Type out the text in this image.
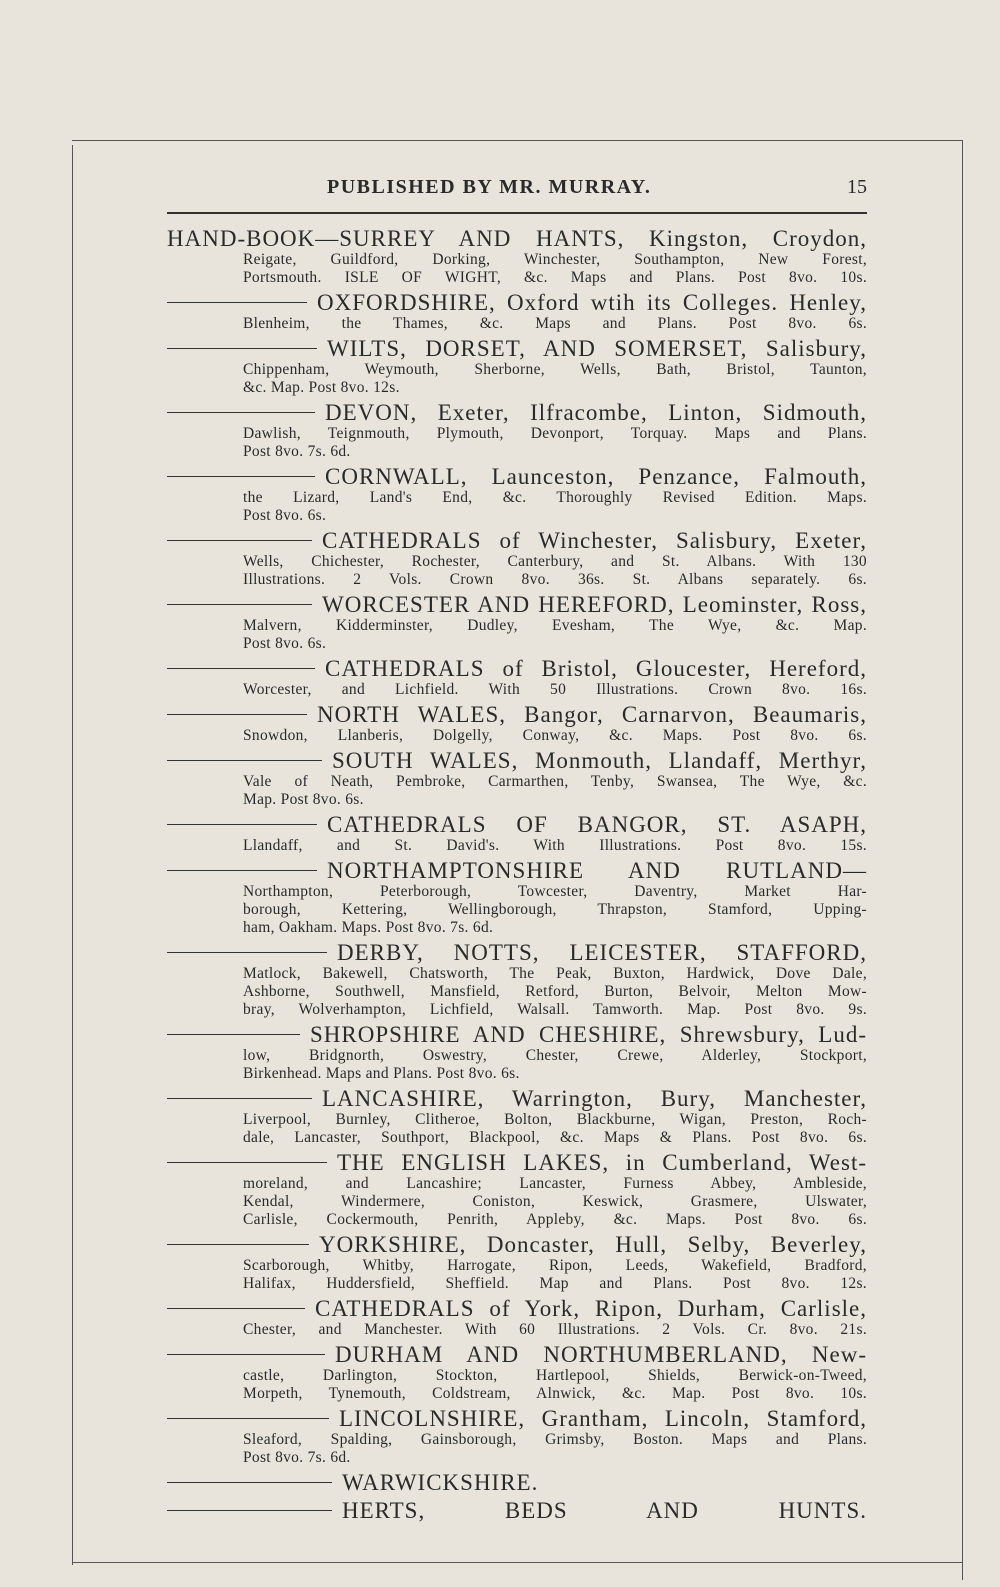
PUBLISHED BY MR. MURRAY.	15
HAND-BOOK—SURREY AND HANTS, Kingston, Croydon,
Reigate, Guildford, Dorking, Winchester, Southampton, New Forest,
Portsmouth. ISLE OF WIGHT, &c. Maps and Plans. Post 8vo. 10s.
OXFORDSHIRE, Oxford wtih its Colleges. Henley,
Blenheim, the Thames, &c. Maps and Plans. Post 8vo. 6s.
WILTS, DORSET, AND SOMERSET, Salisbury,
Chippenham, Weymouth, Sherborne, Wells, Bath, Bristol, Taunton,
&c. Map. Post 8vo. 12s.
DEVON, Exeter, Ilfracombe, Linton, Sidmouth,
Dawlish, Teignmouth, Plymouth, Devonport, Torquay. Maps and Plans.
Post 8vo. 7s. 6d.
CORNWALL, Launceston, Penzance, Falmouth,
the Lizard, Land's End, &c. Thoroughly Revised Edition. Maps.
Post 8vo. 6s.
CATHEDRALS of Winchester, Salisbury, Exeter,
Wells, Chichester, Rochester, Canterbury, and St. Albans. With 130
Illustrations. 2 Vols. Crown 8vo. 36s. St. Albans separately. 6s.
WORCESTER AND HEREFORD, Leominster, Ross,
Malvern, Kidderminster, Dudley, Evesham, The Wye, &c. Map.
Post 8vo. 6s.
CATHEDRALS of Bristol, Gloucester, Hereford,
Worcester, and Lichfield. With 50 Illustrations. Crown 8vo. 16s.
NORTH WALES, Bangor, Carnarvon, Beaumaris,
Snowdon, Llanberis, Dolgelly, Conway, &c. Maps. Post 8vo. 6s.
SOUTH WALES, Monmouth, Llandaff, Merthyr,
Vale of Neath, Pembroke, Carmarthen, Tenby, Swansea, The Wye, &c.
Map. Post 8vo. 6s.
CATHEDRALS OF BANGOR, ST. ASAPH,
Llandaff, and St. David's. With Illustrations. Post 8vo. 15s.
NORTHAMPTONSHIRE AND RUTLAND—
Northampton, Peterborough, Towcester, Daventry, Market Har-
borough, Kettering, Wellingborough, Thrapston, Stamford, Upping-
ham, Oakham. Maps. Post 8vo. 7s. 6d.
DERBY, NOTTS, LEICESTER, STAFFORD,
Matlock, Bakewell, Chatsworth, The Peak, Buxton, Hardwick, Dove Dale,
Ashborne, Southwell, Mansfield, Retford, Burton, Belvoir, Melton Mow-
bray, Wolverhampton, Lichfield, Walsall. Tamworth. Map. Post 8vo. 9s.
SHROPSHIRE AND CHESHIRE, Shrewsbury, Lud-
low, Bridgnorth, Oswestry, Chester, Crewe, Alderley, Stockport,
Birkenhead. Maps and Plans. Post 8vo. 6s.
LANCASHIRE, Warrington, Bury, Manchester,
Liverpool, Burnley, Clitheroe, Bolton, Blackburne, Wigan, Preston, Roch-
dale, Lancaster, Southport, Blackpool, &c. Maps & Plans. Post 8vo. 6s.
THE ENGLISH LAKES, in Cumberland, West-
moreland, and Lancashire; Lancaster, Furness Abbey, Ambleside,
Kendal, Windermere, Coniston, Keswick, Grasmere, Ulswater,
Carlisle, Cockermouth, Penrith, Appleby, &c. Maps. Post 8vo. 6s.
YORKSHIRE, Doncaster, Hull, Selby, Beverley,
Scarborough, Whitby, Harrogate, Ripon, Leeds, Wakefield, Bradford,
Halifax, Huddersfield, Sheffield. Map and Plans. Post 8vo. 12s.
CATHEDRALS of York, Ripon, Durham, Carlisle,
Chester, and Manchester. With 60 Illustrations. 2 Vols. Cr. 8vo. 21s.
DURHAM AND NORTHUMBERLAND, New-
castle, Darlington, Stockton, Hartlepool, Shields, Berwick-on-Tweed,
Morpeth, Tynemouth, Coldstream, Alnwick, &c. Map. Post 8vo. 10s.
LINCOLNSHIRE, Grantham, Lincoln, Stamford,
Sleaford, Spalding, Gainsborough, Grimsby, Boston. Maps and Plans.
Post 8vo. 7s. 6d.
WARWICKSHIRE.
HERTS, BEDS AND HUNTS.
